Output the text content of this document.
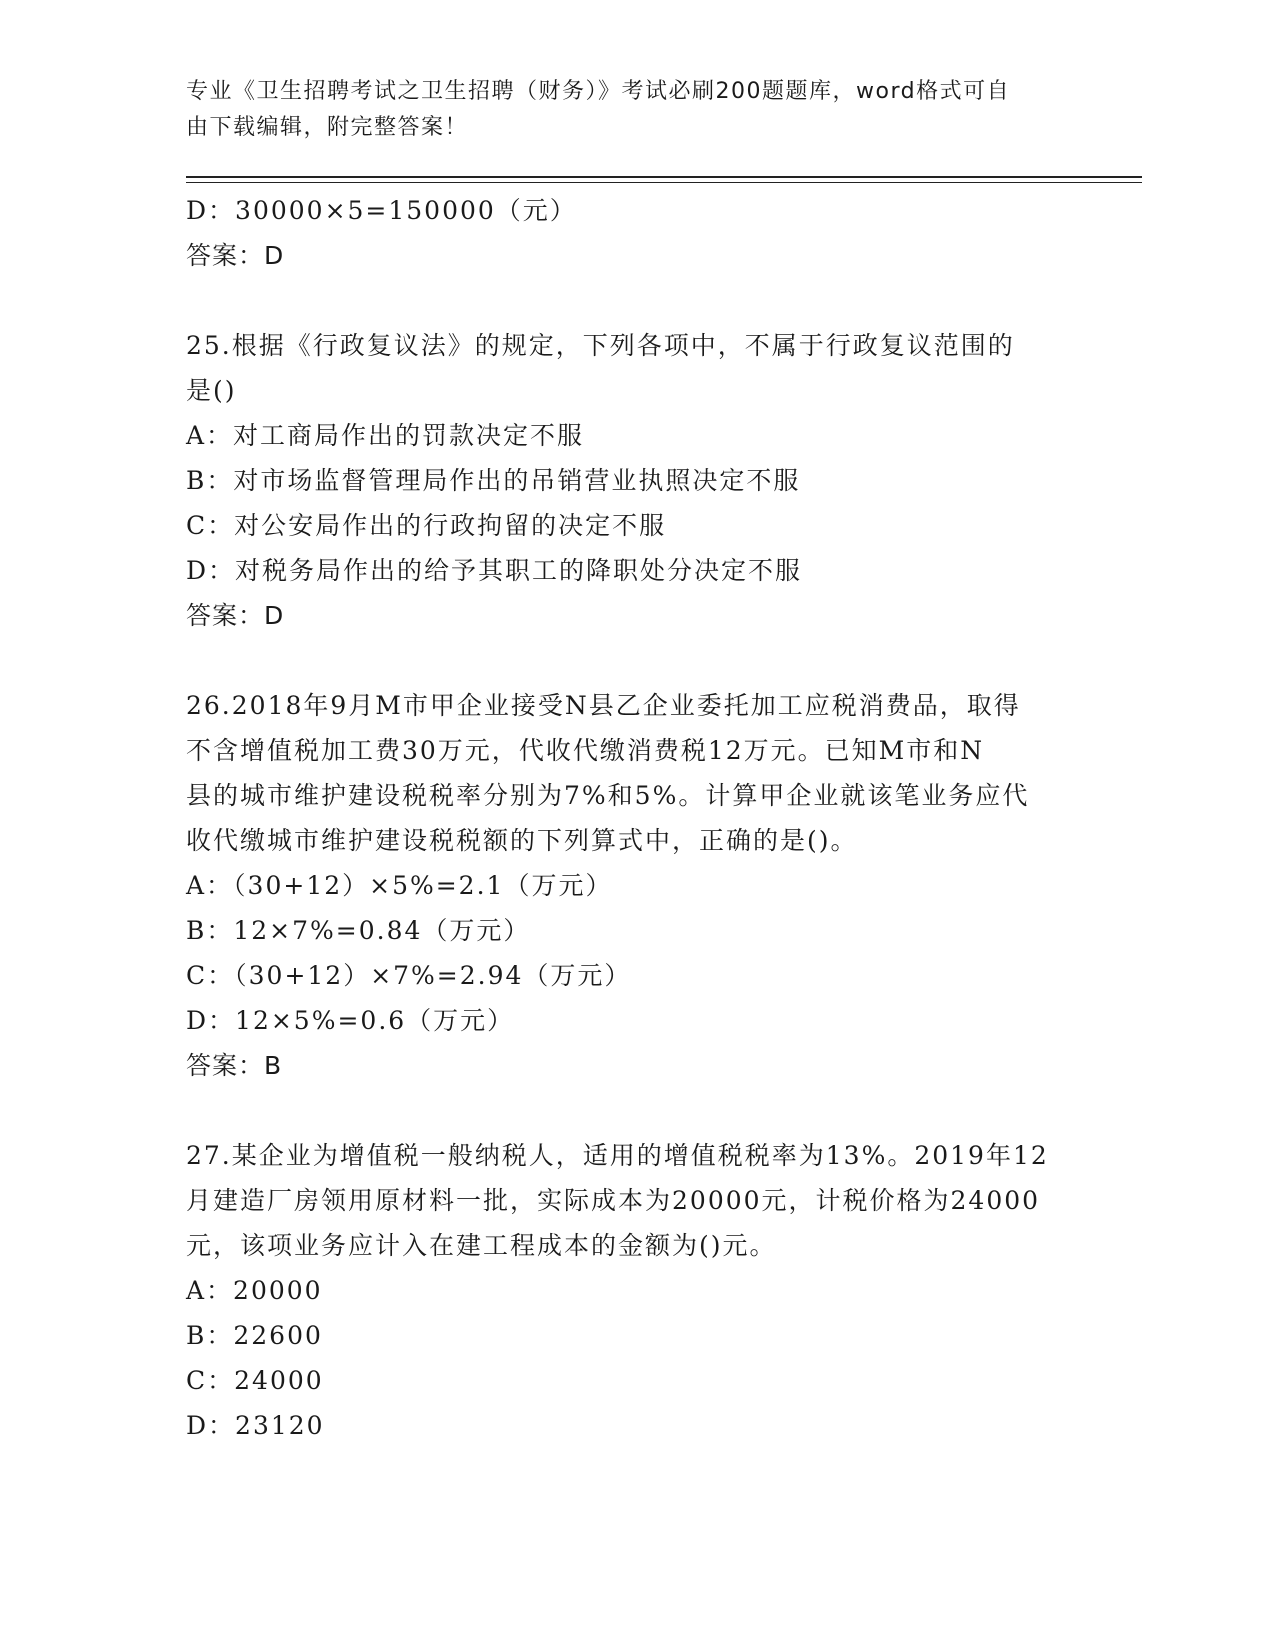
专业《卫生招聘考试之卫生招聘（财务）》考试必刷200题题库，word格式可自
由下载编辑，附完整答案！
D：30000×5=150000（元）
答案：D
25.根据《行政复议法》的规定，下列各项中，不属于行政复议范围的
是()
A：对工商局作出的罚款决定不服
B：对市场监督管理局作出的吊销营业执照决定不服
C：对公安局作出的行政拘留的决定不服
D：对税务局作出的给予其职工的降职处分决定不服
答案：D
26.2018年9月M市甲企业接受N县乙企业委托加工应税消费品，取得
不含增值税加工费30万元，代收代缴消费税12万元。已知M市和N
县的城市维护建设税税率分别为7%和5%。计算甲企业就该笔业务应代
收代缴城市维护建设税税额的下列算式中，正确的是()。
A：（30+12）×5%=2.1（万元）
B：12×7%=0.84（万元）
C：（30+12）×7%=2.94（万元）
D：12×5%=0.6（万元）
答案：B
27.某企业为增值税一般纳税人，适用的增值税税率为13%。2019年12
月建造厂房领用原材料一批，实际成本为20000元，计税价格为24000
元，该项业务应计入在建工程成本的金额为()元。
A：20000
B：22600
C：24000
D：23120
